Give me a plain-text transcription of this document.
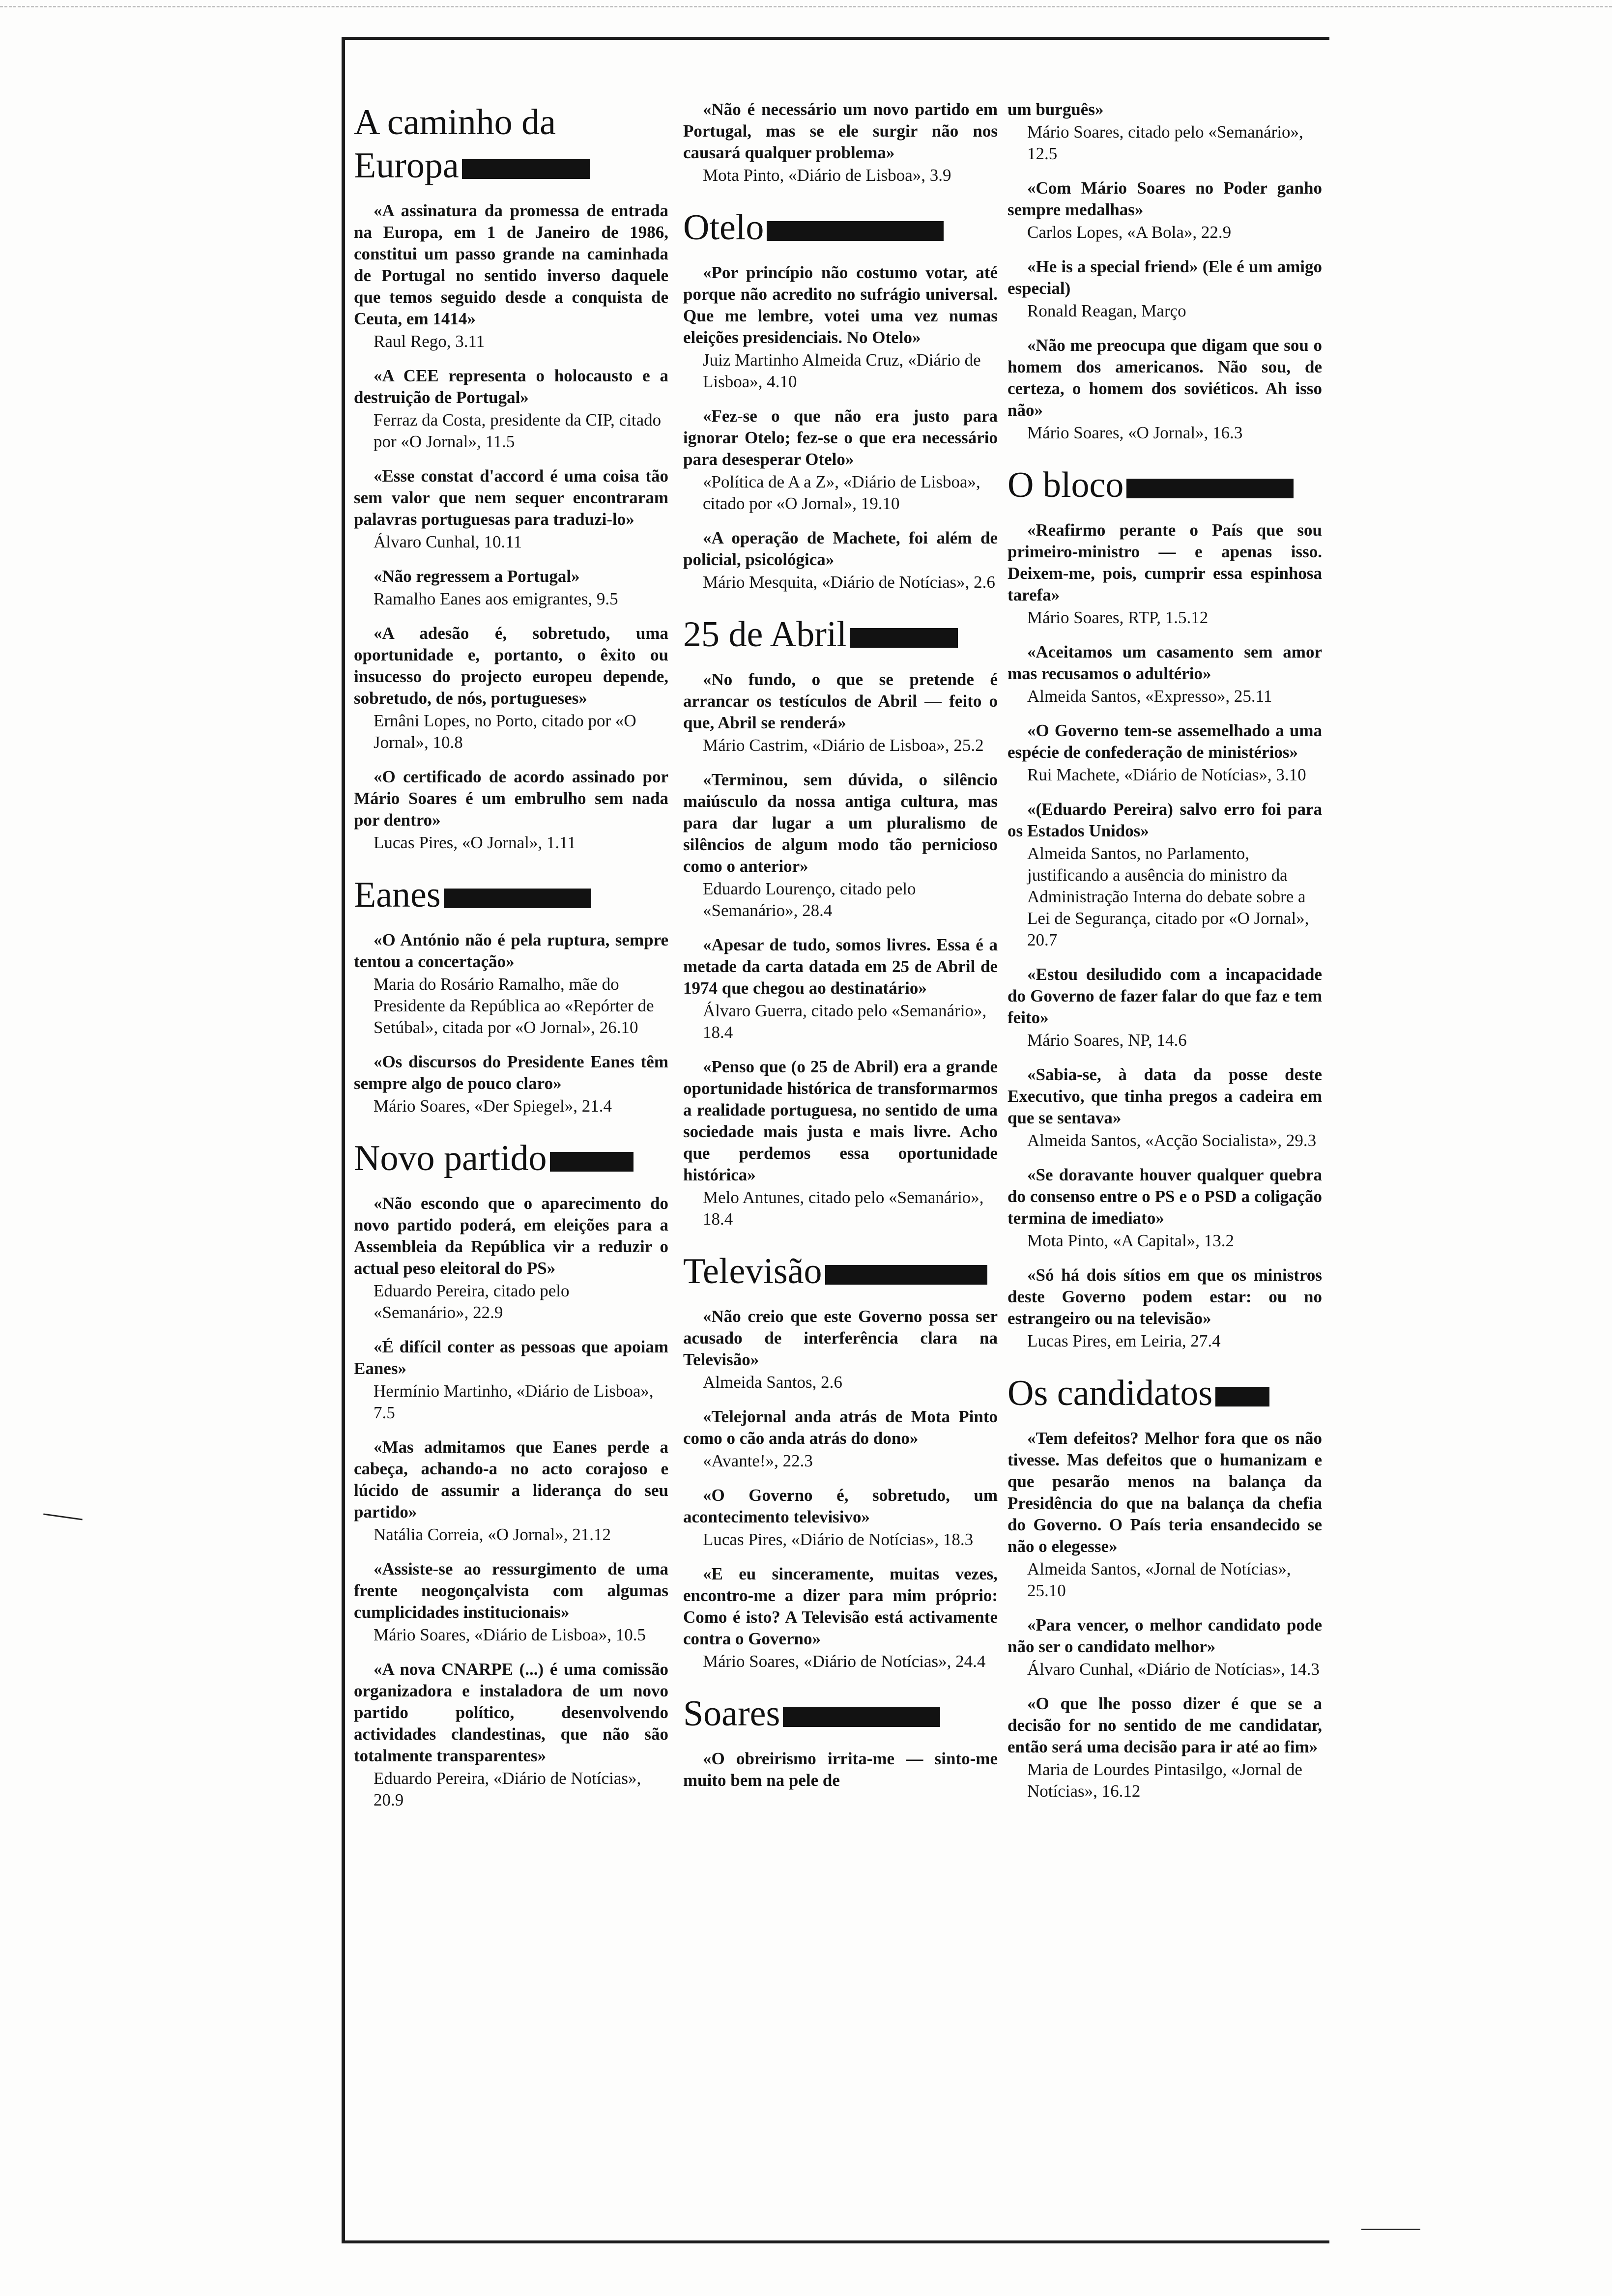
A caminho da Europa

«A assinatura da promessa de entrada na Europa, em 1 de Janeiro de 1986, constitui um passo grande na caminhada de Portugal no sentido inverso daquele que temos seguido desde a conquista de Ceuta, em 1414»

Raul Rego, 3.11

«A CEE representa o holocausto e a destruição de Portugal»

Ferraz da Costa, presidente da CIP, citado por «O Jornal», 11.5

«Esse constat d'accord é uma coisa tão sem valor que nem sequer encontraram palavras portuguesas para traduzi-lo»

Álvaro Cunhal, 10.11

«Não regressem a Portugal»

Ramalho Eanes aos emigrantes, 9.5

«A adesão é, sobretudo, uma oportunidade e, portanto, o êxito ou insucesso do projecto europeu depende, sobretudo, de nós, portugueses»

Ernâni Lopes, no Porto, citado por «O Jornal», 10.8

«O certificado de acordo assinado por Mário Soares é um embrulho sem nada por dentro»

Lucas Pires, «O Jornal», 1.11

Eanes

«O António não é pela ruptura, sempre tentou a concertação»

Maria do Rosário Ramalho, mãe do Presidente da República ao «Repórter de Setúbal», citada por «O Jornal», 26.10

«Os discursos do Presidente Eanes têm sempre algo de pouco claro»

Mário Soares, «Der Spiegel», 21.4

Novo partido

«Não escondo que o aparecimento do novo partido poderá, em eleições para a Assembleia da República vir a reduzir o actual peso eleitoral do PS»

Eduardo Pereira, citado pelo «Semanário», 22.9

«É difícil conter as pessoas que apoiam Eanes»

Hermínio Martinho, «Diário de Lisboa», 7.5

«Mas admitamos que Eanes perde a cabeça, achando-a no acto corajoso e lúcido de assumir a liderança do seu partido»

Natália Correia, «O Jornal», 21.12

«Assiste-se ao ressurgimento de uma frente neogonçalvista com algumas cumplicidades institucionais»

Mário Soares, «Diário de Lisboa», 10.5

«A nova CNARPE (...) é uma comissão organizadora e instaladora de um novo partido político, desenvolvendo actividades clandestinas, que não são totalmente transparentes»

Eduardo Pereira, «Diário de Notícias», 20.9

«Não é necessário um novo partido em Portugal, mas se ele surgir não nos causará qualquer problema»

Mota Pinto, «Diário de Lisboa», 3.9

Otelo

«Por princípio não costumo votar, até porque não acredito no sufrágio universal. Que me lembre, votei uma vez numas eleições presidenciais. No Otelo»

Juiz Martinho Almeida Cruz, «Diário de Lisboa», 4.10

«Fez-se o que não era justo para ignorar Otelo; fez-se o que era necessário para desesperar Otelo»

«Política de A a Z», «Diário de Lisboa», citado por «O Jornal», 19.10

«A operação de Machete, foi além de policial, psicológica»

Mário Mesquita, «Diário de Notícias», 2.6

25 de Abril

«No fundo, o que se pretende é arrancar os testículos de Abril — feito o que, Abril se renderá»

Mário Castrim, «Diário de Lisboa», 25.2

«Terminou, sem dúvida, o silêncio maiúsculo da nossa antiga cultura, mas para dar lugar a um pluralismo de silêncios de algum modo tão pernicioso como o anterior»

Eduardo Lourenço, citado pelo «Semanário», 28.4

«Apesar de tudo, somos livres. Essa é a metade da carta datada em 25 de Abril de 1974 que chegou ao destinatário»

Álvaro Guerra, citado pelo «Semanário», 18.4

«Penso que (o 25 de Abril) era a grande oportunidade histórica de transformarmos a realidade portuguesa, no sentido de uma sociedade mais justa e mais livre. Acho que perdemos essa oportunidade histórica»

Melo Antunes, citado pelo «Semanário», 18.4

Televisão

«Não creio que este Governo possa ser acusado de interferência clara na Televisão»

Almeida Santos, 2.6

«Telejornal anda atrás de Mota Pinto como o cão anda atrás do dono»

«Avante!», 22.3

«O Governo é, sobretudo, um acontecimento televisivo»

Lucas Pires, «Diário de Notícias», 18.3

«E eu sinceramente, muitas vezes, encontro-me a dizer para mim próprio: Como é isto? A Televisão está activamente contra o Governo»

Mário Soares, «Diário de Notícias», 24.4

Soares

«O obreirismo irrita-me — sinto-me muito bem na pele de

um burguês»

Mário Soares, citado pelo «Semanário», 12.5

«Com Mário Soares no Poder ganho sempre medalhas»

Carlos Lopes, «A Bola», 22.9

«He is a special friend» (Ele é um amigo especial)

Ronald Reagan, Março

«Não me preocupa que digam que sou o homem dos americanos. Não sou, de certeza, o homem dos soviéticos. Ah isso não»

Mário Soares, «O Jornal», 16.3

O bloco

«Reafirmo perante o País que sou primeiro-ministro — e apenas isso. Deixem-me, pois, cumprir essa espinhosa tarefa»

Mário Soares, RTP, 1.5.12

«Aceitamos um casamento sem amor mas recusamos o adultério»

Almeida Santos, «Expresso», 25.11

«O Governo tem-se assemelhado a uma espécie de confederação de ministérios»

Rui Machete, «Diário de Notícias», 3.10

«(Eduardo Pereira) salvo erro foi para os Estados Unidos»

Almeida Santos, no Parlamento, justificando a ausência do ministro da Administração Interna do debate sobre a Lei de Segurança, citado por «O Jornal», 20.7

«Estou desiludido com a incapacidade do Governo de fazer falar do que faz e tem feito»

Mário Soares, NP, 14.6

«Sabia-se, à data da posse deste Executivo, que tinha pregos a cadeira em que se sentava»

Almeida Santos, «Acção Socialista», 29.3

«Se doravante houver qualquer quebra do consenso entre o PS e o PSD a coligação termina de imediato»

Mota Pinto, «A Capital», 13.2

«Só há dois sítios em que os ministros deste Governo podem estar: ou no estrangeiro ou na televisão»

Lucas Pires, em Leiria, 27.4

Os candidatos

«Tem defeitos? Melhor fora que os não tivesse. Mas defeitos que o humanizam e que pesarão menos na balança da Presidência do que na balança da chefia do Governo. O País teria ensandecido se não o elegesse»

Almeida Santos, «Jornal de Notícias», 25.10

«Para vencer, o melhor candidato pode não ser o candidato melhor»

Álvaro Cunhal, «Diário de Notícias», 14.3

«O que lhe posso dizer é que se a decisão for no sentido de me candidatar, então será uma decisão para ir até ao fim»

Maria de Lourdes Pintasilgo, «Jornal de Notícias», 16.12
